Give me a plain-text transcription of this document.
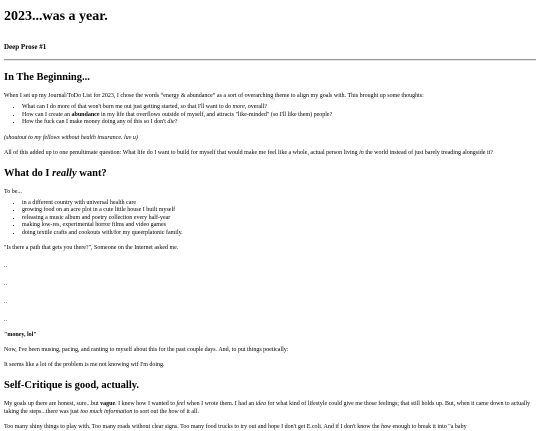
2023...was a year.

Deep Prose #1

In The Beginning...

When I set up my Journal/ToDo List for 2023, I chose the words “energy & abundance” as a sort of overarching theme to align my goals with. This brought up some thoughts:

• What can I do more of that won't burn me out just getting started, so that I'll want to do more, overall?
• How can I create an abundance in my life that overflows outside of myself, and attracts "like-minded" (so I'll like them) people?
• How the fuck can I make money doing any of this so I don't die?

(shoutout to my fellows without health insurance. luv u)

All of this added up to one penultimate question: What life do I want to build for myself that would make me feel like a whole, actual person living in the world instead of just barely treading alongside it?

What do I really want?

To be...

• in a different country with universal health care
• growing food on an acre plot in a cute little house I built myself
• releasing a music album and poetry collection every half-year
• making low-res, experimental horror films and video games
• doing textile crafts and cookouts with/for my queerplatonic family.

"Is there a path that gets you there?", Someone on the Internet asked me.

..

..

..

..

"money, lol"

Now, I've been musing, pacing, and ranting to myself about this for the past couple days. And, to put things poetically:

It seems like a lot of the problem is me not knowing wtf I'm doing.

Self-Critique is good, actually.

My goals up there are honest, sure...but vague. I knew how I wanted to feel when I wrote them. I had an idea for what kind of lifestyle could give me those feelings; that still holds up. But, when it came down to actually taking the steps...there was just too much information to sort out the how of it all.

Too many shiny things to play with. Too many roads without clear signs. Too many food trucks to try out and hope I don't get E.coli. And if I don't know the how enough to break it into "a baby
